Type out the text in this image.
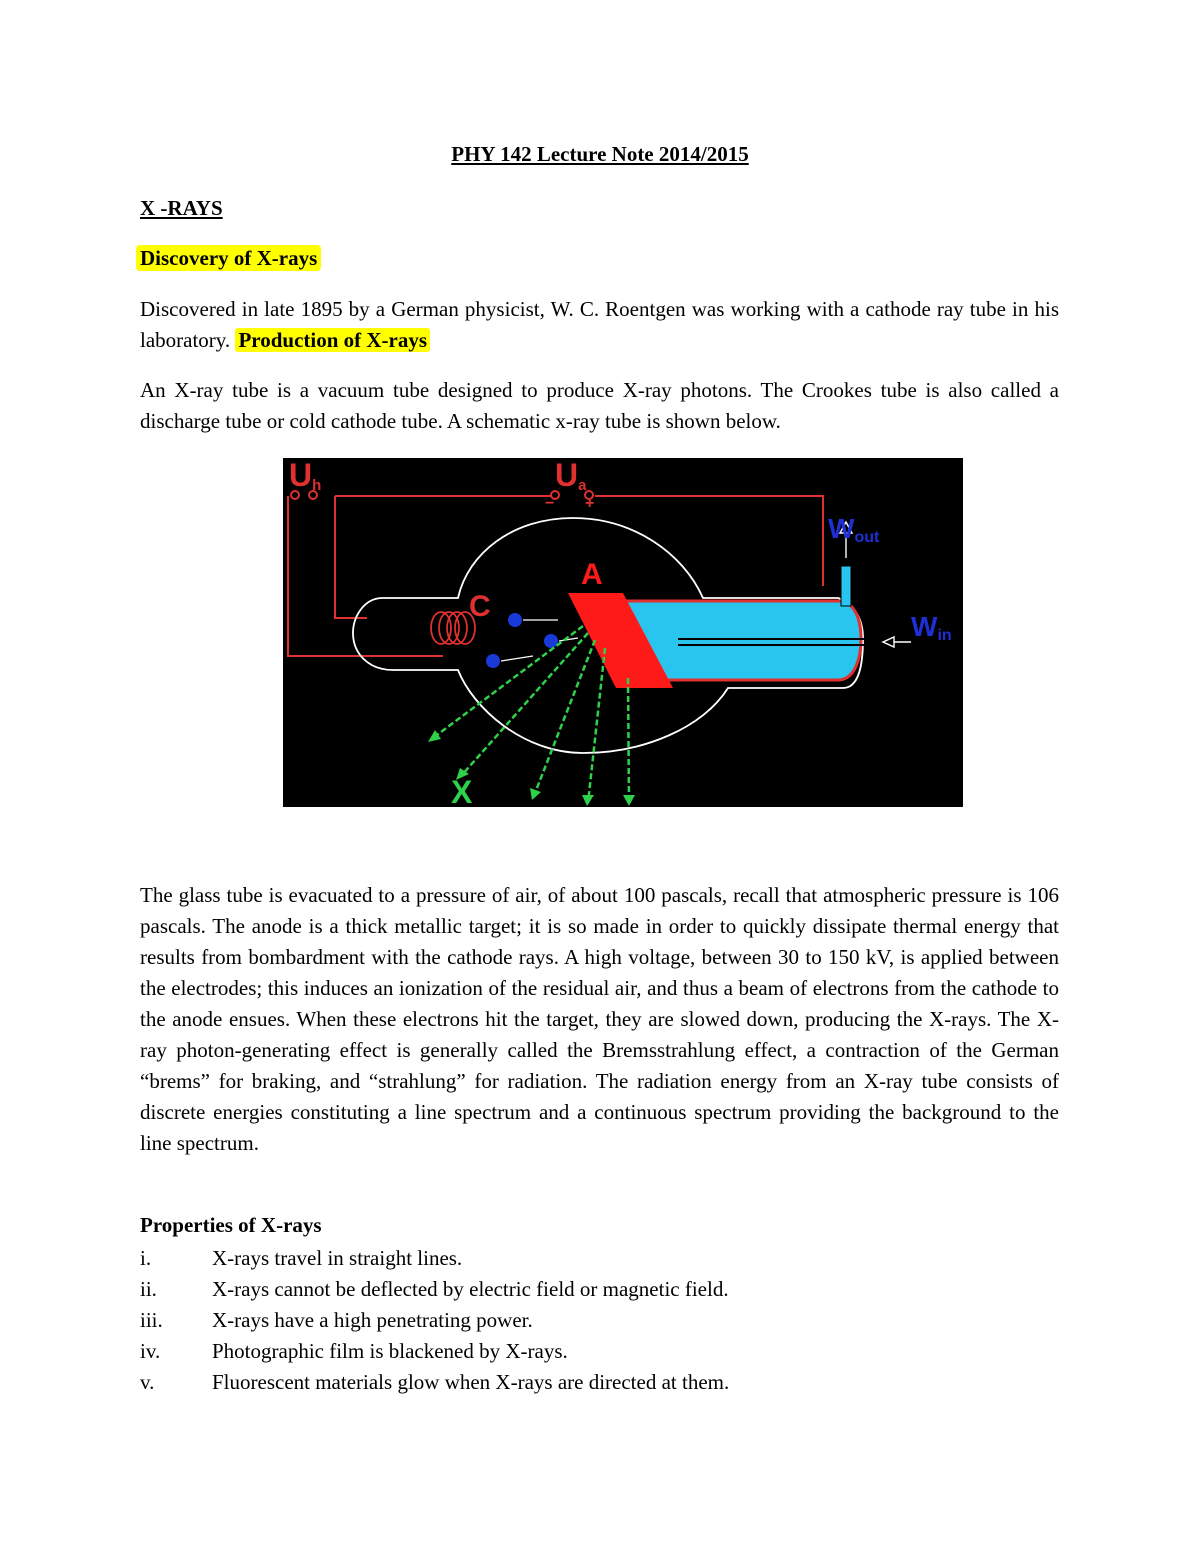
PHY 142 Lecture Note 2014/2015
X -RAYS
Discovery of X-rays
Discovered in late 1895 by a German physicist, W. C. Roentgen was working with a cathode ray tube in his laboratory. Production of X-rays
An X-ray tube is a vacuum tube designed to produce X-ray photons. The Crookes tube is also called a discharge tube or cold cathode tube. A schematic x-ray tube is shown below.
Uh	Ua
− +
Wout
Win
A
C
X
The glass tube is evacuated to a pressure of air, of about 100 pascals, recall that atmospheric pressure is 106 pascals. The anode is a thick metallic target; it is so made in order to quickly dissipate thermal energy that results from bombardment with the cathode rays. A high voltage, between 30 to 150 kV, is applied between the electrodes; this induces an ionization of the residual air, and thus a beam of electrons from the cathode to the anode ensues. When these electrons hit the target, they are slowed down, producing the X-rays. The X-ray photon-generating effect is generally called the Bremsstrahlung effect, a contraction of the German “brems” for braking, and “strahlung” for radiation. The radiation energy from an X-ray tube consists of discrete energies constituting a line spectrum and a continuous spectrum providing the background to the line spectrum.
Properties of X-rays
i.	X-rays travel in straight lines.
ii.	X-rays cannot be deflected by electric field or magnetic field.
iii. X-rays have a high penetrating power.
iv. Photographic film is blackened by X-rays.
v.	Fluorescent materials glow when X-rays are directed at them.
